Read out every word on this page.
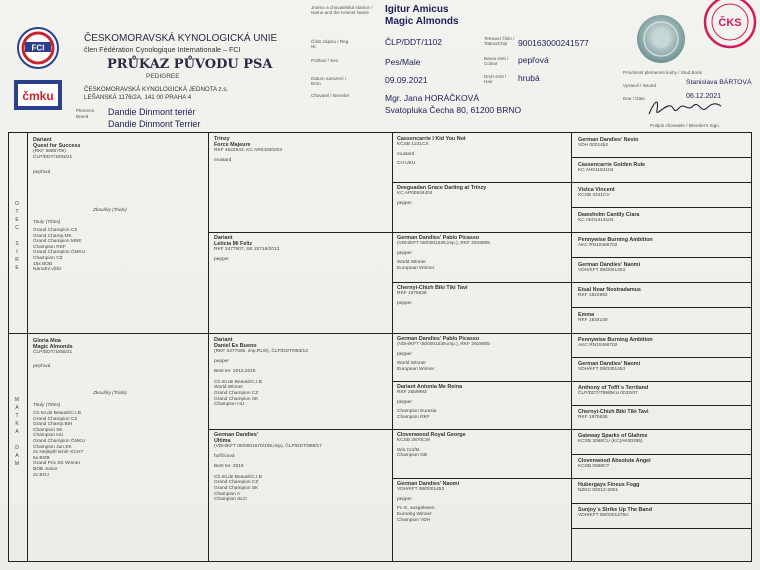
FCI
čmku
ČESKOMORAVSKÁ KYNOLOGICKÁ UNIE
člen Fédération Cynologique Internationale – FCI
PRŮKAZ PŮVODU PSA
PEDIGREE
ČESKOMORAVSKÁ KYNOLOGICKÁ JEDNOTA z.s.
LEŠANSKÁ 1176/2A, 141 00 PRAHA 4
Plemeno
Breed Dandie Dinmont teriér
Dandie Dinmont Terrier
Jméno a chovatelská stanice / Name and the Kennel Name	Igitur Amicus
Magic Almonds
Číslo zápisu / Reg. Nr.	ČLP/DDT/1102
Pohlaví / Sex	Pes/Male
Datum narození / Born	09.09.2021
Chovatel / Breeder	Mgr. Jana HORÁČKOVÁ
Svatopluka Čecha 80, 61200 BRNO
Tetovací číslo / Tattoo/Chip	900163000241577
Barva srsti / Colour	pepřová
Druh srsti / Hair	hrubá
ČKS
Provitnost plemenné knihy / Stud Book
Vystavil / Issued	Stanislava BÁRTOVÁ
Dne / Date	06.12.2021
Podpis chovatele / Breeder's Sign.
O
T
E
C
S
I
R
E
M
A
T
K
A
D
A
M
Dariant
Quest for Success
(RKF 5886709)
ČLP/DDT/1093/21
pepřová
Tituly (Titles)
Zkoušky (Trials)
Grand Champion CZ
Grand Champ.MK
Grand Champion MNE
Champion RKF
Grand Champion ČMKU
Champion CZ
15x BOB
Národní vítěz
Gloria Moa
Magic Almonds
ČLP/DDT/1058/21
pepřová
Tituly (Titles)
Zkoušky (Trials)
Ch.Int.de Beauté/C.I.B
Grand Champion CZ
Grand Champ.BiH
Champion SK
Champion HU
Grand Champion ČMKU
Champion Jun.SK
2x Nejlepší teriér KCHT
6x BOB
Grand Prix SK Winner
BOB Junior
2x BOJ
Trinzy
Force Majeure
RKF 4622543, KC AR04330203
mustard
Dariant
Leticia Mi Feliz
RKF 3477507, SE 22715/2013
pepper
Dariant
Daniel Es Bueno
(RKF 3477506, imp.RUS), ČLP/DDT/963/13
pepper
Best ter. 2013,2015

Ch.Int.de Beauté/C.I.B
World Winner
Grand Champion CZ
Grand Champion SK
Champion HU
German Dandies'
Ultima
(VDH/KFT 08/0001670/105,imp), ČLP/DDT/988/17
hořčicová
Best ter. 2016

Ch.Int.de Beauté/C.I.B
Grand Champion CZ
Grand Champion SK
Champion A
Champion SLO
Cassencarrie I Kid You Not
KCSB 1231CX
mustard
CH UKU
Deeguadan Grace Darling at Trinzy
KC AP00934404
pepper
German Dandies' Pablo Picasso
(VDH/KFT 08/0001539,imp.), RKF 2919805
pepper
World Winner
European Winner
Chernyi-Chizh Biki Tiki Tavi
RKF 1975838
pepper
German Dandies' Pablo Picasso
(VDH/KFT 08/0001539,imp.), RKF 2919805
pepper
World Winner
European Winner
Dariant Antonia Me Reina
RKF 2559993
pepper
Champion Eurasia
Champion RKF
Clovenwood Royal George
KCSB 2870CW
Win.Crufts
Champion GB
German Dandies' Naomi
VDH/KFT 08/0001453
pepper
FL-E, ausgelesen
Eurodog Winner
Champion VDH
German Dandies' Nevio
VDH 0001452
Cassencarrie Golden Rule
KC AH01184104
Vistca Vincent
KCSB 3431CV
Dawsholm Cantily Ciara
KC AK01413103
Pennywise Burning Ambition
AKC RN10466702
German Dandies' Naomi
VDH/KFT 08/0001453
Etual Noar Nostradamus
RKF 1822892
Emma
RKF 1934140
Pennywise Burning Ambition
AKC RN10466702
German Dandies' Naomi
VDH/KFT 08/0001453
Anthony of Toffi´s Terriland
ČLP/DDT/799/BKU 0032/07
Chernyi-Chizh Biki Tiki Tavi
RKF 1975838
Gateway Sparks of Glahms
KCSB 3066CU (KC)AK00395)
Clovenwood Absolute Angel
KCSB 0598CT
Hubergays Fineus Fogg
NZKC 03212-2001
Sunjoy´s Strike Up The Band
VDH/KFT 08/0001275U
